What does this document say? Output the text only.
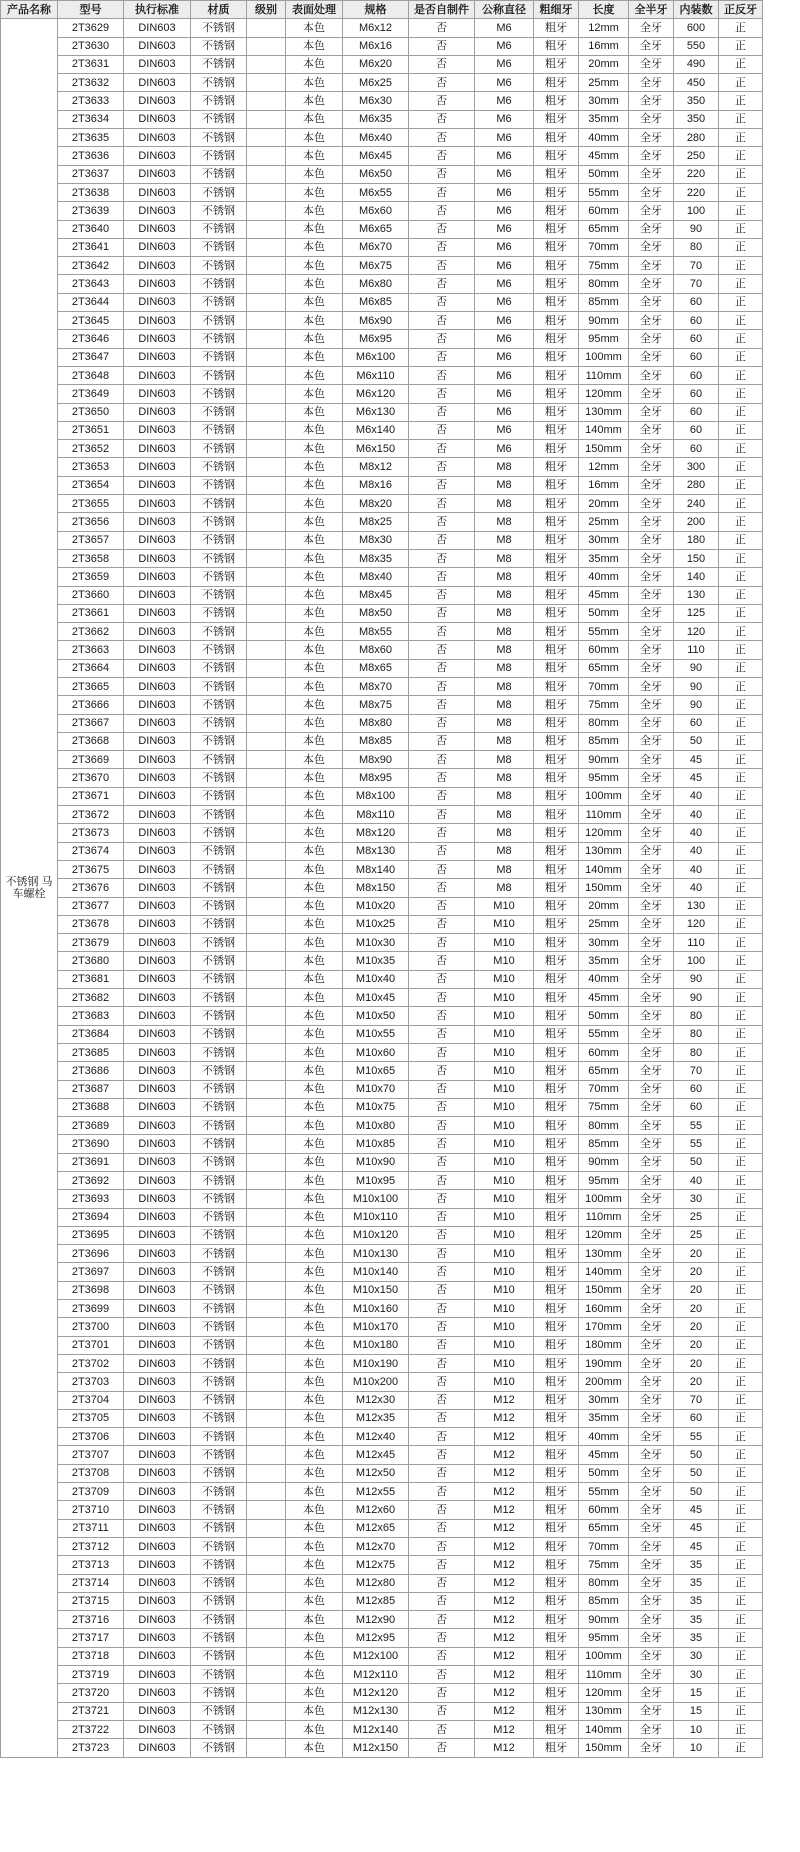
产品名称	型号	执行标准	材质	级别	表面处理	规格	是否自制件	公称直径	粗细牙	长度	全半牙	内装数	正反牙
不锈钢 马车螺栓	2T3629	DIN603	不锈钢		本色	M6x12	否	M6	粗牙	12mm	全牙	600	正
	2T3630	DIN603	不锈钢		本色	M6x16	否	M6	粗牙	16mm	全牙	550	正
	2T3631	DIN603	不锈钢		本色	M6x20	否	M6	粗牙	20mm	全牙	490	正
	2T3632	DIN603	不锈钢		本色	M6x25	否	M6	粗牙	25mm	全牙	450	正
	2T3633	DIN603	不锈钢		本色	M6x30	否	M6	粗牙	30mm	全牙	350	正
	2T3634	DIN603	不锈钢		本色	M6x35	否	M6	粗牙	35mm	全牙	350	正
	2T3635	DIN603	不锈钢		本色	M6x40	否	M6	粗牙	40mm	全牙	280	正
	2T3636	DIN603	不锈钢		本色	M6x45	否	M6	粗牙	45mm	全牙	250	正
	2T3637	DIN603	不锈钢		本色	M6x50	否	M6	粗牙	50mm	全牙	220	正
	2T3638	DIN603	不锈钢		本色	M6x55	否	M6	粗牙	55mm	全牙	220	正
	2T3639	DIN603	不锈钢		本色	M6x60	否	M6	粗牙	60mm	全牙	100	正
	2T3640	DIN603	不锈钢		本色	M6x65	否	M6	粗牙	65mm	全牙	90	正
	2T3641	DIN603	不锈钢		本色	M6x70	否	M6	粗牙	70mm	全牙	80	正
	2T3642	DIN603	不锈钢		本色	M6x75	否	M6	粗牙	75mm	全牙	70	正
	2T3643	DIN603	不锈钢		本色	M6x80	否	M6	粗牙	80mm	全牙	70	正
	2T3644	DIN603	不锈钢		本色	M6x85	否	M6	粗牙	85mm	全牙	60	正
	2T3645	DIN603	不锈钢		本色	M6x90	否	M6	粗牙	90mm	全牙	60	正
	2T3646	DIN603	不锈钢		本色	M6x95	否	M6	粗牙	95mm	全牙	60	正
	2T3647	DIN603	不锈钢		本色	M6x100	否	M6	粗牙	100mm	全牙	60	正
	2T3648	DIN603	不锈钢		本色	M6x110	否	M6	粗牙	110mm	全牙	60	正
	2T3649	DIN603	不锈钢		本色	M6x120	否	M6	粗牙	120mm	全牙	60	正
	2T3650	DIN603	不锈钢		本色	M6x130	否	M6	粗牙	130mm	全牙	60	正
	2T3651	DIN603	不锈钢		本色	M6x140	否	M6	粗牙	140mm	全牙	60	正
	2T3652	DIN603	不锈钢		本色	M6x150	否	M6	粗牙	150mm	全牙	60	正
	2T3653	DIN603	不锈钢		本色	M8x12	否	M8	粗牙	12mm	全牙	300	正
	2T3654	DIN603	不锈钢		本色	M8x16	否	M8	粗牙	16mm	全牙	280	正
	2T3655	DIN603	不锈钢		本色	M8x20	否	M8	粗牙	20mm	全牙	240	正
	2T3656	DIN603	不锈钢		本色	M8x25	否	M8	粗牙	25mm	全牙	200	正
	2T3657	DIN603	不锈钢		本色	M8x30	否	M8	粗牙	30mm	全牙	180	正
	2T3658	DIN603	不锈钢		本色	M8x35	否	M8	粗牙	35mm	全牙	150	正
	2T3659	DIN603	不锈钢		本色	M8x40	否	M8	粗牙	40mm	全牙	140	正
	2T3660	DIN603	不锈钢		本色	M8x45	否	M8	粗牙	45mm	全牙	130	正
	2T3661	DIN603	不锈钢		本色	M8x50	否	M8	粗牙	50mm	全牙	125	正
	2T3662	DIN603	不锈钢		本色	M8x55	否	M8	粗牙	55mm	全牙	120	正
	2T3663	DIN603	不锈钢		本色	M8x60	否	M8	粗牙	60mm	全牙	110	正
	2T3664	DIN603	不锈钢		本色	M8x65	否	M8	粗牙	65mm	全牙	90	正
	2T3665	DIN603	不锈钢		本色	M8x70	否	M8	粗牙	70mm	全牙	90	正
	2T3666	DIN603	不锈钢		本色	M8x75	否	M8	粗牙	75mm	全牙	90	正
	2T3667	DIN603	不锈钢		本色	M8x80	否	M8	粗牙	80mm	全牙	60	正
	2T3668	DIN603	不锈钢		本色	M8x85	否	M8	粗牙	85mm	全牙	50	正
	2T3669	DIN603	不锈钢		本色	M8x90	否	M8	粗牙	90mm	全牙	45	正
	2T3670	DIN603	不锈钢		本色	M8x95	否	M8	粗牙	95mm	全牙	45	正
	2T3671	DIN603	不锈钢		本色	M8x100	否	M8	粗牙	100mm	全牙	40	正
	2T3672	DIN603	不锈钢		本色	M8x110	否	M8	粗牙	110mm	全牙	40	正
	2T3673	DIN603	不锈钢		本色	M8x120	否	M8	粗牙	120mm	全牙	40	正
	2T3674	DIN603	不锈钢		本色	M8x130	否	M8	粗牙	130mm	全牙	40	正
	2T3675	DIN603	不锈钢		本色	M8x140	否	M8	粗牙	140mm	全牙	40	正
	2T3676	DIN603	不锈钢		本色	M8x150	否	M8	粗牙	150mm	全牙	40	正
	2T3677	DIN603	不锈钢		本色	M10x20	否	M10	粗牙	20mm	全牙	130	正
	2T3678	DIN603	不锈钢		本色	M10x25	否	M10	粗牙	25mm	全牙	120	正
	2T3679	DIN603	不锈钢		本色	M10x30	否	M10	粗牙	30mm	全牙	110	正
	2T3680	DIN603	不锈钢		本色	M10x35	否	M10	粗牙	35mm	全牙	100	正
	2T3681	DIN603	不锈钢		本色	M10x40	否	M10	粗牙	40mm	全牙	90	正
	2T3682	DIN603	不锈钢		本色	M10x45	否	M10	粗牙	45mm	全牙	90	正
	2T3683	DIN603	不锈钢		本色	M10x50	否	M10	粗牙	50mm	全牙	80	正
	2T3684	DIN603	不锈钢		本色	M10x55	否	M10	粗牙	55mm	全牙	80	正
	2T3685	DIN603	不锈钢		本色	M10x60	否	M10	粗牙	60mm	全牙	80	正
	2T3686	DIN603	不锈钢		本色	M10x65	否	M10	粗牙	65mm	全牙	70	正
	2T3687	DIN603	不锈钢		本色	M10x70	否	M10	粗牙	70mm	全牙	60	正
	2T3688	DIN603	不锈钢		本色	M10x75	否	M10	粗牙	75mm	全牙	60	正
	2T3689	DIN603	不锈钢		本色	M10x80	否	M10	粗牙	80mm	全牙	55	正
	2T3690	DIN603	不锈钢		本色	M10x85	否	M10	粗牙	85mm	全牙	55	正
	2T3691	DIN603	不锈钢		本色	M10x90	否	M10	粗牙	90mm	全牙	50	正
	2T3692	DIN603	不锈钢		本色	M10x95	否	M10	粗牙	95mm	全牙	40	正
	2T3693	DIN603	不锈钢		本色	M10x100	否	M10	粗牙	100mm	全牙	30	正
	2T3694	DIN603	不锈钢		本色	M10x110	否	M10	粗牙	110mm	全牙	25	正
	2T3695	DIN603	不锈钢		本色	M10x120	否	M10	粗牙	120mm	全牙	25	正
	2T3696	DIN603	不锈钢		本色	M10x130	否	M10	粗牙	130mm	全牙	20	正
	2T3697	DIN603	不锈钢		本色	M10x140	否	M10	粗牙	140mm	全牙	20	正
	2T3698	DIN603	不锈钢		本色	M10x150	否	M10	粗牙	150mm	全牙	20	正
	2T3699	DIN603	不锈钢		本色	M10x160	否	M10	粗牙	160mm	全牙	20	正
	2T3700	DIN603	不锈钢		本色	M10x170	否	M10	粗牙	170mm	全牙	20	正
	2T3701	DIN603	不锈钢		本色	M10x180	否	M10	粗牙	180mm	全牙	20	正
	2T3702	DIN603	不锈钢		本色	M10x190	否	M10	粗牙	190mm	全牙	20	正
	2T3703	DIN603	不锈钢		本色	M10x200	否	M10	粗牙	200mm	全牙	20	正
	2T3704	DIN603	不锈钢		本色	M12x30	否	M12	粗牙	30mm	全牙	70	正
	2T3705	DIN603	不锈钢		本色	M12x35	否	M12	粗牙	35mm	全牙	60	正
	2T3706	DIN603	不锈钢		本色	M12x40	否	M12	粗牙	40mm	全牙	55	正
	2T3707	DIN603	不锈钢		本色	M12x45	否	M12	粗牙	45mm	全牙	50	正
	2T3708	DIN603	不锈钢		本色	M12x50	否	M12	粗牙	50mm	全牙	50	正
	2T3709	DIN603	不锈钢		本色	M12x55	否	M12	粗牙	55mm	全牙	50	正
	2T3710	DIN603	不锈钢		本色	M12x60	否	M12	粗牙	60mm	全牙	45	正
	2T3711	DIN603	不锈钢		本色	M12x65	否	M12	粗牙	65mm	全牙	45	正
	2T3712	DIN603	不锈钢		本色	M12x70	否	M12	粗牙	70mm	全牙	45	正
	2T3713	DIN603	不锈钢		本色	M12x75	否	M12	粗牙	75mm	全牙	35	正
	2T3714	DIN603	不锈钢		本色	M12x80	否	M12	粗牙	80mm	全牙	35	正
	2T3715	DIN603	不锈钢		本色	M12x85	否	M12	粗牙	85mm	全牙	35	正
	2T3716	DIN603	不锈钢		本色	M12x90	否	M12	粗牙	90mm	全牙	35	正
	2T3717	DIN603	不锈钢		本色	M12x95	否	M12	粗牙	95mm	全牙	35	正
	2T3718	DIN603	不锈钢		本色	M12x100	否	M12	粗牙	100mm	全牙	30	正
	2T3719	DIN603	不锈钢		本色	M12x110	否	M12	粗牙	110mm	全牙	30	正
	2T3720	DIN603	不锈钢		本色	M12x120	否	M12	粗牙	120mm	全牙	15	正
	2T3721	DIN603	不锈钢		本色	M12x130	否	M12	粗牙	130mm	全牙	15	正
	2T3722	DIN603	不锈钢		本色	M12x140	否	M12	粗牙	140mm	全牙	10	正
	2T3723	DIN603	不锈钢		本色	M12x150	否	M12	粗牙	150mm	全牙	10	正
